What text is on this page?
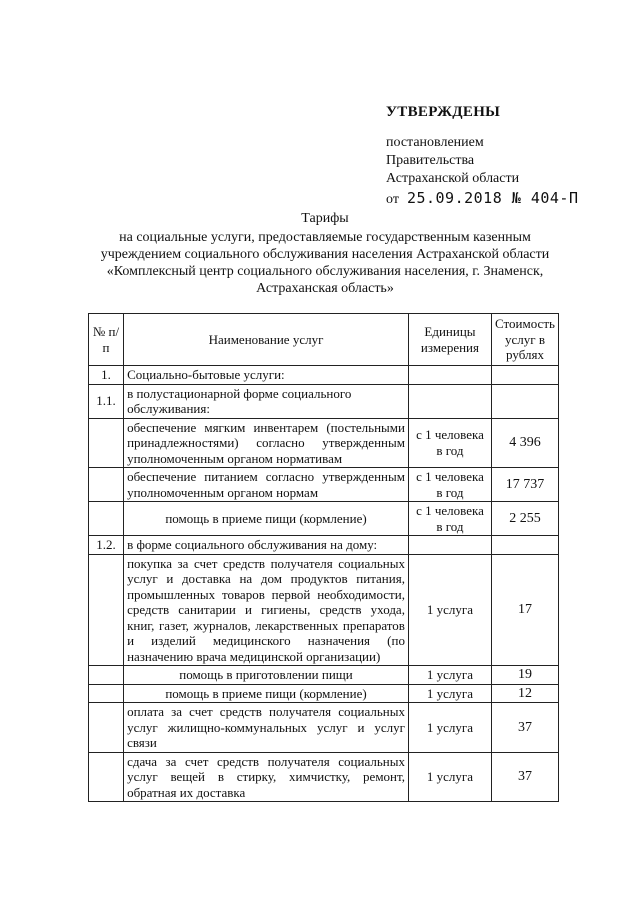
УТВЕРЖДЕНЫ
постановлением
Правительства
Астраханской области
от 25.09.2018 № 404-П
Тарифы
на социальные услуги, предоставляемые государственным казенным
учреждением социального обслуживания населения Астраханской области
«Комплексный центр социального обслуживания населения, г. Знаменск,
Астраханская область»
№ п/п	Наименование услуг	Единицы измерения	Стоимость услуг в рублях
1.	Социально-бытовые услуги:		
1.1.	в полустационарной форме социального обслуживания:		
	обеспечение мягким инвентарем (постельными принадлежностями) согласно утвержденным уполномоченным органом нормативам	с 1 человека в год	4 396
	обеспечение питанием согласно утвержденным уполномоченным органом нормам	с 1 человека в год	17 737
	помощь в приеме пищи (кормление)	с 1 человека в год	2 255
1.2.	в форме социального обслуживания на дому:		
	покупка за счет средств получателя социальных услуг и доставка на дом продуктов питания, промышленных товаров первой необходимости, средств санитарии и гигиены, средств ухода, книг, газет, журналов, лекарственных препаратов и изделий медицинского назначения (по назначению врача медицинской организации)	1 услуга	17
	помощь в приготовлении пищи	1 услуга	19
	помощь в приеме пищи (кормление)	1 услуга	12
	оплата за счет средств получателя социальных услуг жилищно-коммунальных услуг и услуг связи	1 услуга	37
	сдача за счет средств получателя социальных услуг вещей в стирку, химчистку, ремонт, обратная их доставка	1 услуга	37
